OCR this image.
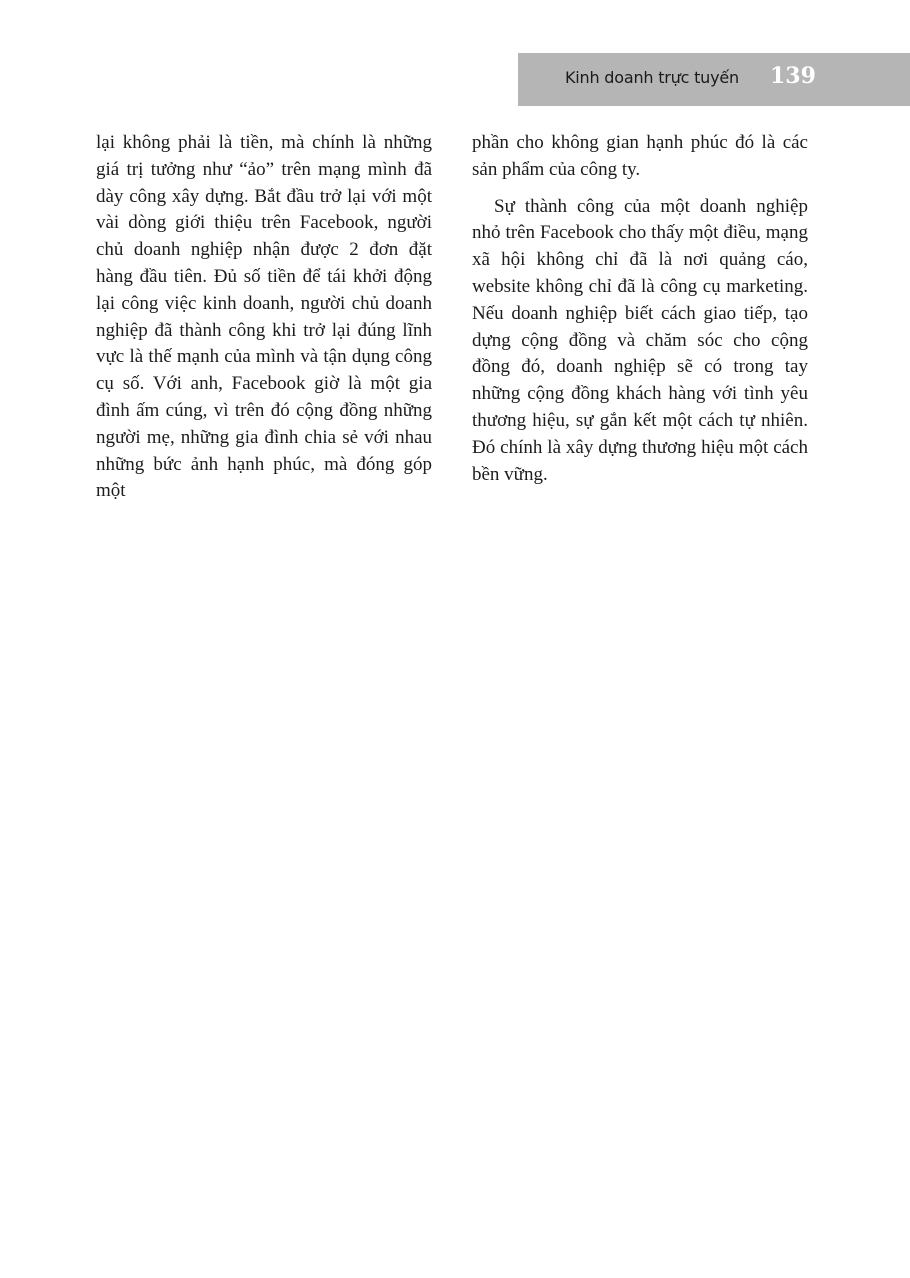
Kinh doanh trực tuyến 139

lại không phải là tiền, mà chính là những giá trị tưởng như “ảo” trên mạng mình đã dày công xây dựng. Bắt đầu trở lại với một vài dòng giới thiệu trên Facebook, người chủ doanh nghiệp nhận được 2 đơn đặt hàng đầu tiên. Đủ số tiền để tái khởi động lại công việc kinh doanh, người chủ doanh nghiệp đã thành công khi trở lại đúng lĩnh vực là thế mạnh của mình và tận dụng công cụ số. Với anh, Facebook giờ là một gia đình ấm cúng, vì trên đó cộng đồng những người mẹ, những gia đình chia sẻ với nhau những bức ảnh hạnh phúc, mà đóng góp một

phần cho không gian hạnh phúc đó là các sản phẩm của công ty.

Sự thành công của một doanh nghiệp nhỏ trên Facebook cho thấy một điều, mạng xã hội không chỉ đã là nơi quảng cáo, website không chỉ đã là công cụ marketing. Nếu doanh nghiệp biết cách giao tiếp, tạo dựng cộng đồng và chăm sóc cho cộng đồng đó, doanh nghiệp sẽ có trong tay những cộng đồng khách hàng với tình yêu thương hiệu, sự gắn kết một cách tự nhiên. Đó chính là xây dựng thương hiệu một cách bền vững.
